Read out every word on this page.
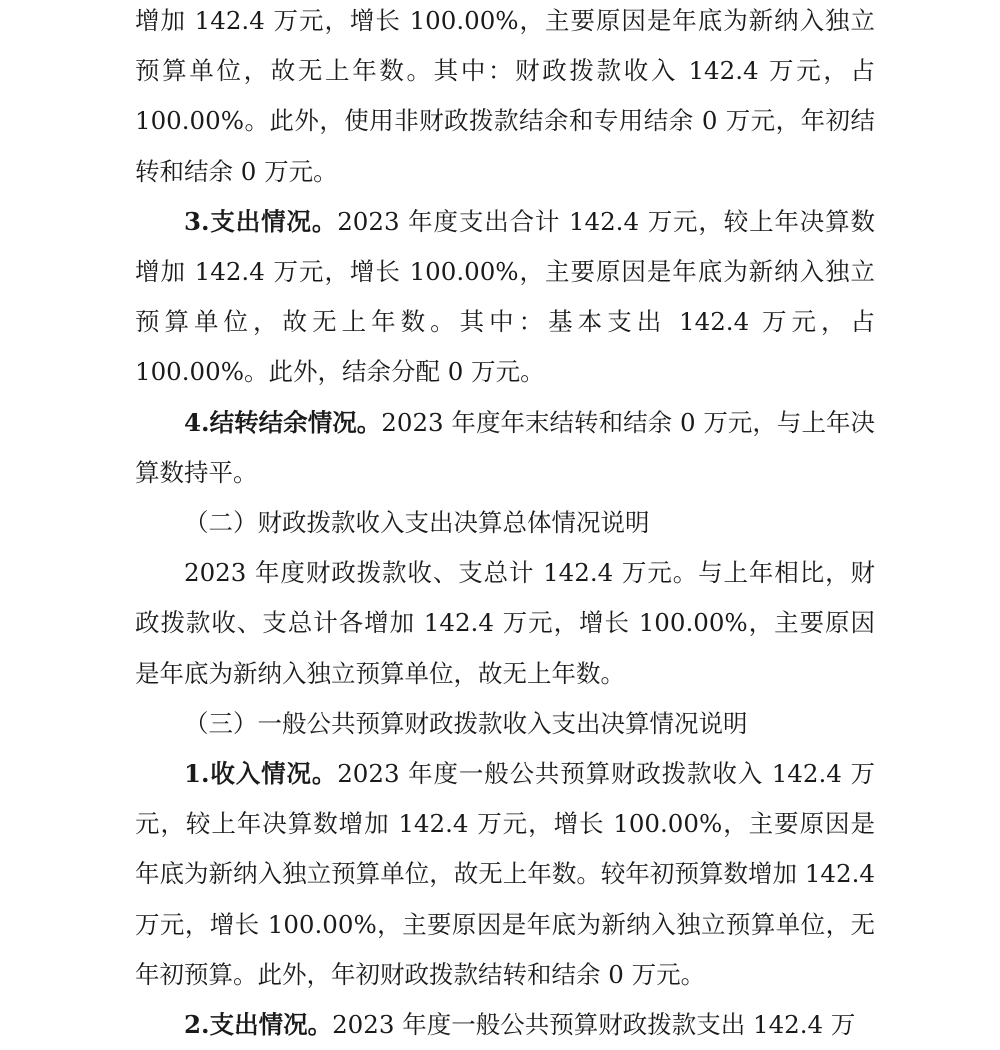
增加 142.4 万元，增长 100.00%，主要原因是年底为新纳入独立预算单位，故无上年数。其中：财政拨款收入 142.4 万元，占 100.00%。此外，使用非财政拨款结余和专用结余 0 万元，年初结转和结余 0 万元。

3.支出情况。2023 年度支出合计 142.4 万元，较上年决算数增加 142.4 万元，增长 100.00%，主要原因是年底为新纳入独立预算单位，故无上年数。其中：基本支出 142.4 万元，占 100.00%。此外，结余分配 0 万元。

4.结转结余情况。2023 年度年末结转和结余 0 万元，与上年决算数持平。

（二）财政拨款收入支出决算总体情况说明

2023 年度财政拨款收、支总计 142.4 万元。与上年相比，财政拨款收、支总计各增加 142.4 万元，增长 100.00%，主要原因是年底为新纳入独立预算单位，故无上年数。

（三）一般公共预算财政拨款收入支出决算情况说明

1.收入情况。2023 年度一般公共预算财政拨款收入 142.4 万元，较上年决算数增加 142.4 万元，增长 100.00%，主要原因是年底为新纳入独立预算单位，故无上年数。较年初预算数增加 142.4 万元，增长 100.00%，主要原因是年底为新纳入独立预算单位，无年初预算。此外，年初财政拨款结转和结余 0 万元。

2.支出情况。2023 年度一般公共预算财政拨款支出 142.4 万
